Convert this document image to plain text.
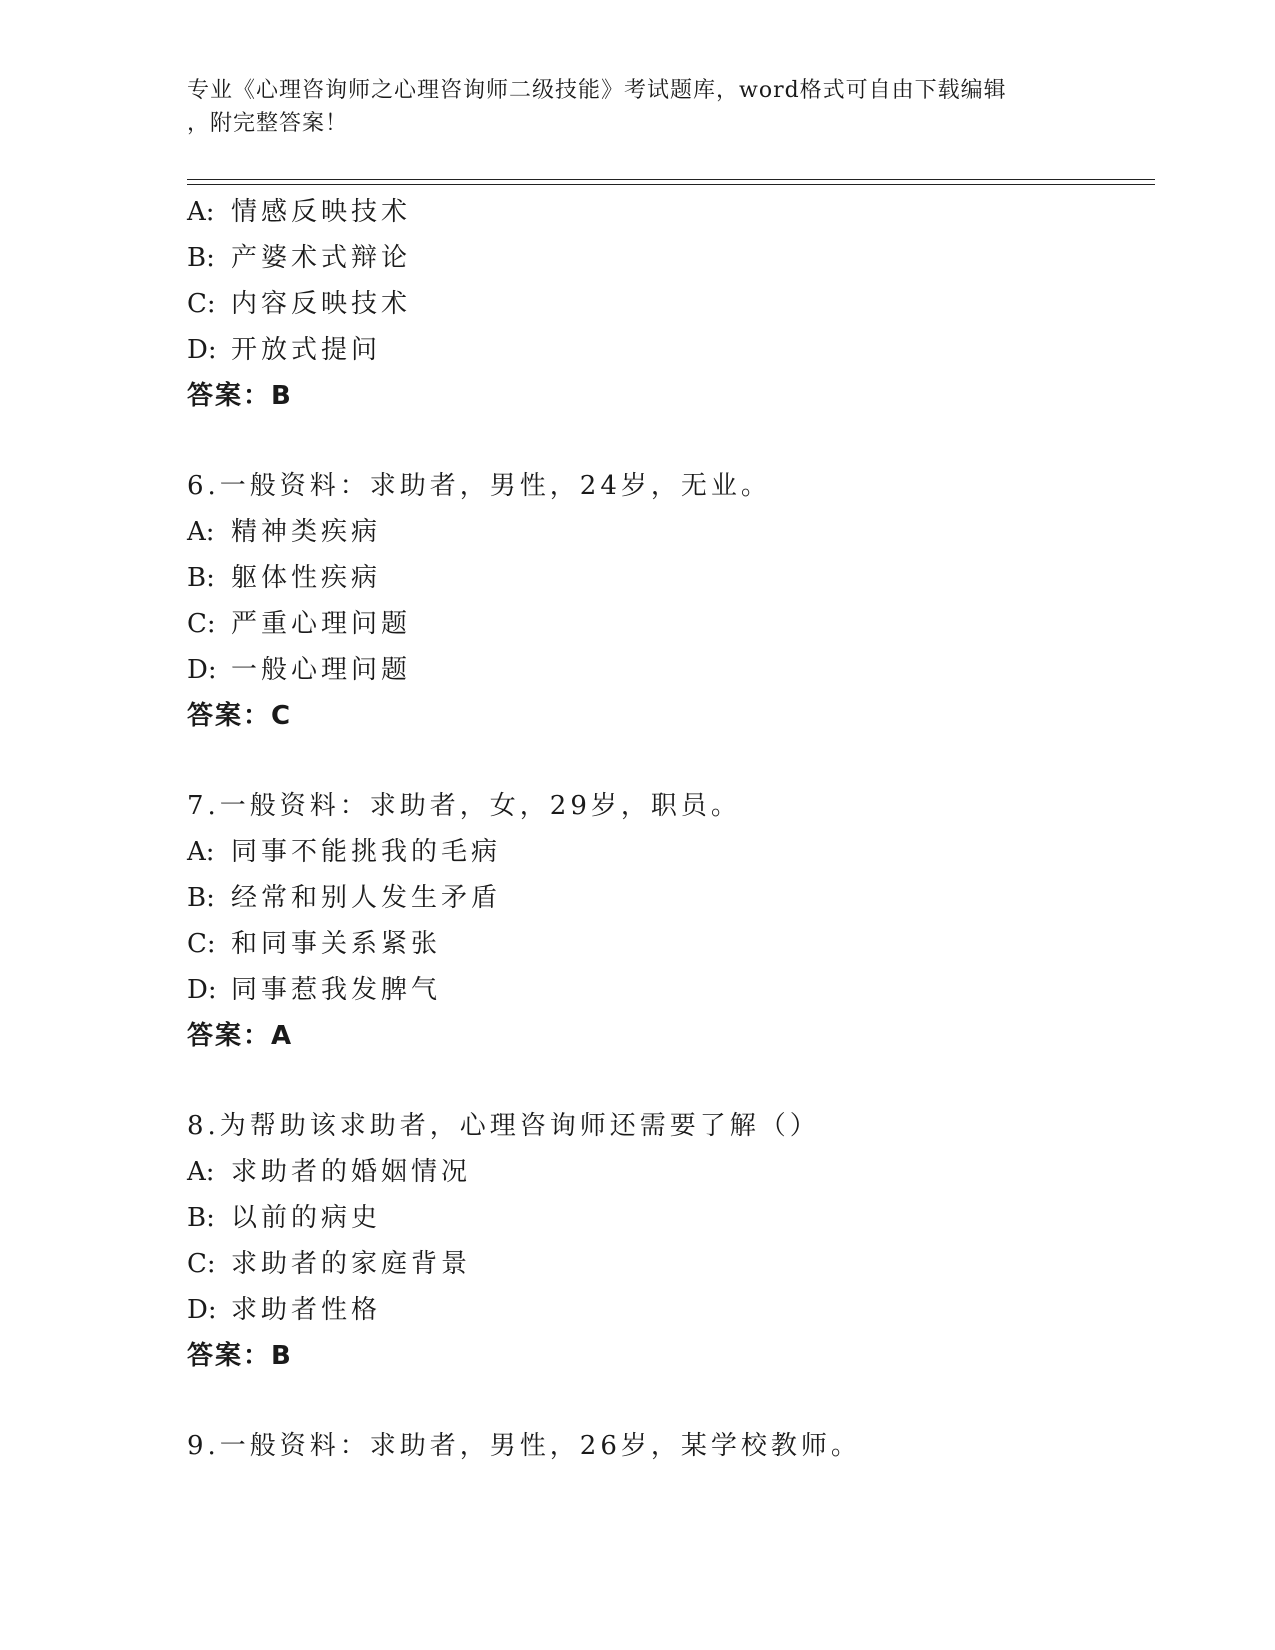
专业《心理咨询师之心理咨询师二级技能》考试题库，word格式可自由下载编辑
，附完整答案！
A: 情感反映技术
B: 产婆术式辩论
C: 内容反映技术
D: 开放式提问
答案：B
6.一般资料：求助者，男性，24岁，无业。
A: 精神类疾病
B: 躯体性疾病
C: 严重心理问题
D: 一般心理问题
答案：C
7.一般资料：求助者，女，29岁，职员。
A: 同事不能挑我的毛病
B: 经常和别人发生矛盾
C: 和同事关系紧张
D: 同事惹我发脾气
答案：A
8.为帮助该求助者，心理咨询师还需要了解（）
A: 求助者的婚姻情况
B: 以前的病史
C: 求助者的家庭背景
D: 求助者性格
答案：B
9.一般资料：求助者，男性，26岁，某学校教师。
